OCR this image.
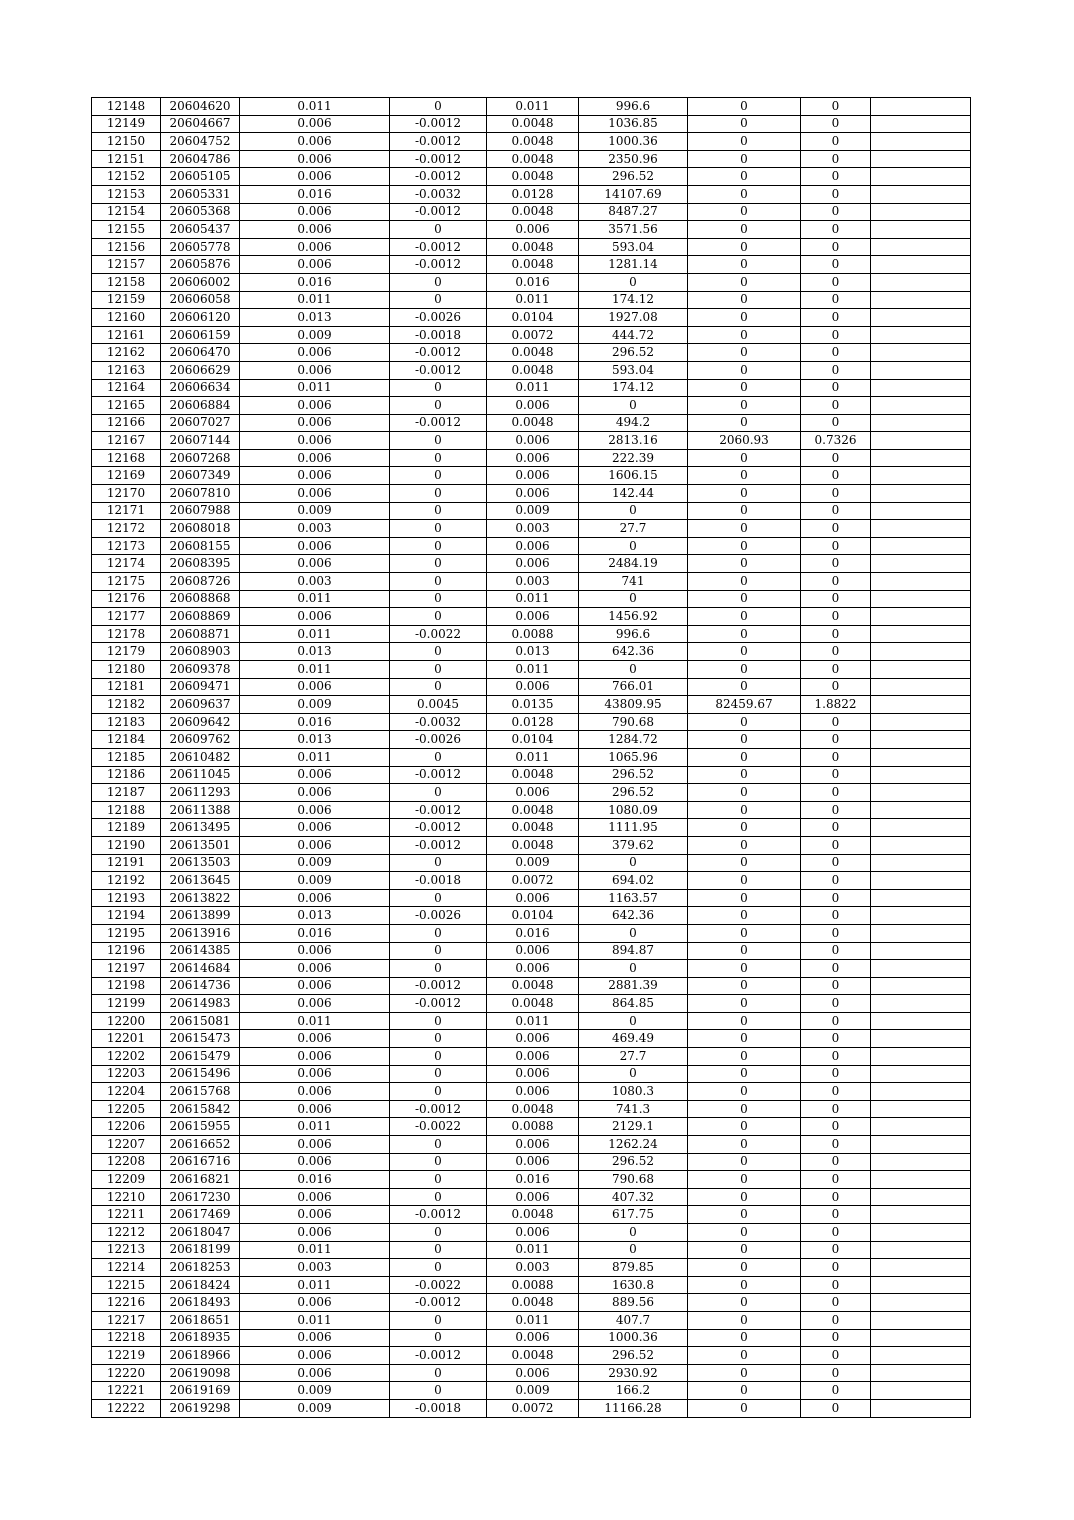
12148	20604620	0.011	0	0.011	996.6	0	0	
12149	20604667	0.006	-0.0012	0.0048	1036.85	0	0	
12150	20604752	0.006	-0.0012	0.0048	1000.36	0	0	
12151	20604786	0.006	-0.0012	0.0048	2350.96	0	0	
12152	20605105	0.006	-0.0012	0.0048	296.52	0	0	
12153	20605331	0.016	-0.0032	0.0128	14107.69	0	0	
12154	20605368	0.006	-0.0012	0.0048	8487.27	0	0	
12155	20605437	0.006	0	0.006	3571.56	0	0	
12156	20605778	0.006	-0.0012	0.0048	593.04	0	0	
12157	20605876	0.006	-0.0012	0.0048	1281.14	0	0	
12158	20606002	0.016	0	0.016	0	0	0	
12159	20606058	0.011	0	0.011	174.12	0	0	
12160	20606120	0.013	-0.0026	0.0104	1927.08	0	0	
12161	20606159	0.009	-0.0018	0.0072	444.72	0	0	
12162	20606470	0.006	-0.0012	0.0048	296.52	0	0	
12163	20606629	0.006	-0.0012	0.0048	593.04	0	0	
12164	20606634	0.011	0	0.011	174.12	0	0	
12165	20606884	0.006	0	0.006	0	0	0	
12166	20607027	0.006	-0.0012	0.0048	494.2	0	0	
12167	20607144	0.006	0	0.006	2813.16	2060.93	0.7326	
12168	20607268	0.006	0	0.006	222.39	0	0	
12169	20607349	0.006	0	0.006	1606.15	0	0	
12170	20607810	0.006	0	0.006	142.44	0	0	
12171	20607988	0.009	0	0.009	0	0	0	
12172	20608018	0.003	0	0.003	27.7	0	0	
12173	20608155	0.006	0	0.006	0	0	0	
12174	20608395	0.006	0	0.006	2484.19	0	0	
12175	20608726	0.003	0	0.003	741	0	0	
12176	20608868	0.011	0	0.011	0	0	0	
12177	20608869	0.006	0	0.006	1456.92	0	0	
12178	20608871	0.011	-0.0022	0.0088	996.6	0	0	
12179	20608903	0.013	0	0.013	642.36	0	0	
12180	20609378	0.011	0	0.011	0	0	0	
12181	20609471	0.006	0	0.006	766.01	0	0	
12182	20609637	0.009	0.0045	0.0135	43809.95	82459.67	1.8822	
12183	20609642	0.016	-0.0032	0.0128	790.68	0	0	
12184	20609762	0.013	-0.0026	0.0104	1284.72	0	0	
12185	20610482	0.011	0	0.011	1065.96	0	0	
12186	20611045	0.006	-0.0012	0.0048	296.52	0	0	
12187	20611293	0.006	0	0.006	296.52	0	0	
12188	20611388	0.006	-0.0012	0.0048	1080.09	0	0	
12189	20613495	0.006	-0.0012	0.0048	1111.95	0	0	
12190	20613501	0.006	-0.0012	0.0048	379.62	0	0	
12191	20613503	0.009	0	0.009	0	0	0	
12192	20613645	0.009	-0.0018	0.0072	694.02	0	0	
12193	20613822	0.006	0	0.006	1163.57	0	0	
12194	20613899	0.013	-0.0026	0.0104	642.36	0	0	
12195	20613916	0.016	0	0.016	0	0	0	
12196	20614385	0.006	0	0.006	894.87	0	0	
12197	20614684	0.006	0	0.006	0	0	0	
12198	20614736	0.006	-0.0012	0.0048	2881.39	0	0	
12199	20614983	0.006	-0.0012	0.0048	864.85	0	0	
12200	20615081	0.011	0	0.011	0	0	0	
12201	20615473	0.006	0	0.006	469.49	0	0	
12202	20615479	0.006	0	0.006	27.7	0	0	
12203	20615496	0.006	0	0.006	0	0	0	
12204	20615768	0.006	0	0.006	1080.3	0	0	
12205	20615842	0.006	-0.0012	0.0048	741.3	0	0	
12206	20615955	0.011	-0.0022	0.0088	2129.1	0	0	
12207	20616652	0.006	0	0.006	1262.24	0	0	
12208	20616716	0.006	0	0.006	296.52	0	0	
12209	20616821	0.016	0	0.016	790.68	0	0	
12210	20617230	0.006	0	0.006	407.32	0	0	
12211	20617469	0.006	-0.0012	0.0048	617.75	0	0	
12212	20618047	0.006	0	0.006	0	0	0	
12213	20618199	0.011	0	0.011	0	0	0	
12214	20618253	0.003	0	0.003	879.85	0	0	
12215	20618424	0.011	-0.0022	0.0088	1630.8	0	0	
12216	20618493	0.006	-0.0012	0.0048	889.56	0	0	
12217	20618651	0.011	0	0.011	407.7	0	0	
12218	20618935	0.006	0	0.006	1000.36	0	0	
12219	20618966	0.006	-0.0012	0.0048	296.52	0	0	
12220	20619098	0.006	0	0.006	2930.92	0	0	
12221	20619169	0.009	0	0.009	166.2	0	0	
12222	20619298	0.009	-0.0018	0.0072	11166.28	0	0	
